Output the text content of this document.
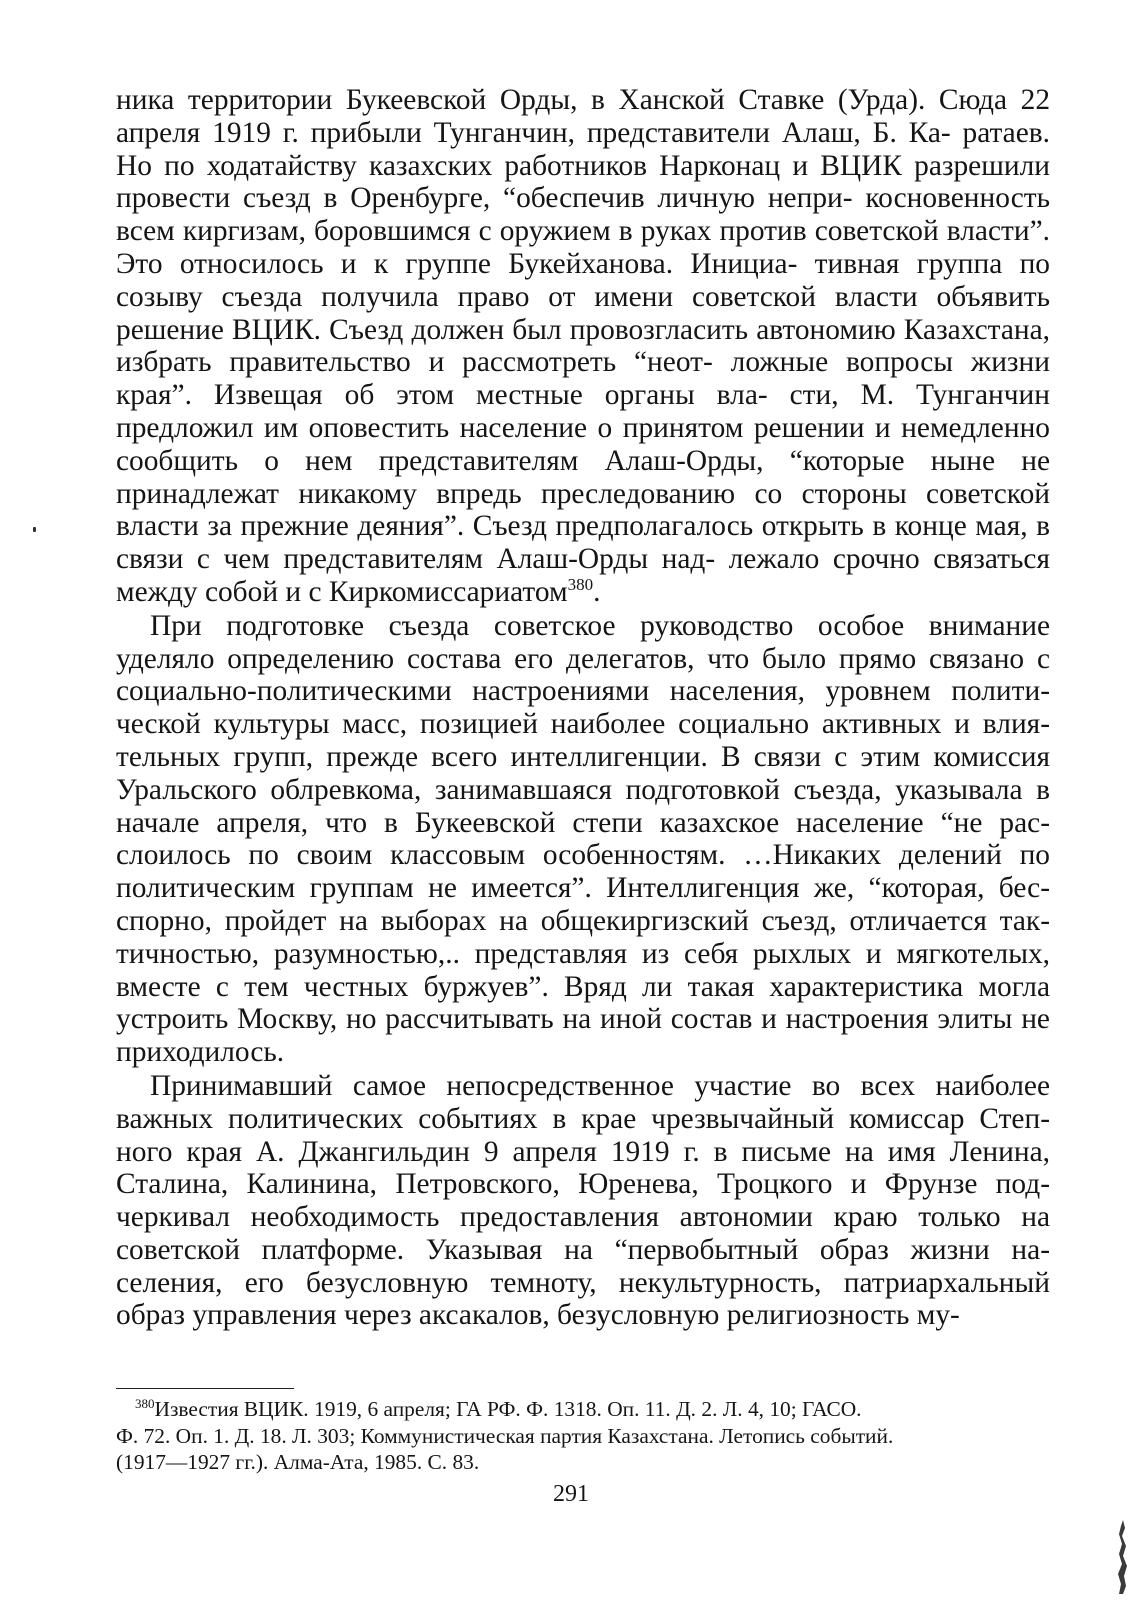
ника территории Букеевской Орды, в Ханской Ставке (Урда). Сюда 22 апреля 1919 г. прибыли Тунганчин, представители Алаш, Б. Ка- ратаев. Но по ходатайству казахских работников Нарконац и ВЦИК разрешили провести съезд в Оренбурге, “обеспечив личную непри- косновенность всем киргизам, боровшимся с оружием в руках против советской власти”. Это относилось и к группе Букейханова. Инициа- тивная группа по созыву съезда получила право от имени советской власти объявить решение ВЦИК. Съезд должен был провозгласить автономию Казахстана, избрать правительство и рассмотреть “неот- ложные вопросы жизни края”. Извещая об этом местные органы вла- сти, М. Тунганчин предложил им оповестить население о принятом решении и немедленно сообщить о нем представителям Алаш-Орды, “которые ныне не принадлежат никакому впредь преследованию со стороны советской власти за прежние деяния”. Съезд предполагалось открыть в конце мая, в связи с чем представителям Алаш-Орды над- лежало срочно связаться между собой и с Киркомиссариатом$^{380}$.

При подготовке съезда советское руководство особое внимание уделяло определению состава его делегатов, что было прямо связано с социально-политическими настроениями населения, уровнем полити- ческой культуры масс, позицией наиболее социально активных и влия- тельных групп, прежде всего интеллигенции. В связи с этим комиссия Уральского облревкома, занимавшаяся подготовкой съезда, указывала в начале апреля, что в Букеевской степи казахское население “не рас- слоилось по своим классовым особенностям. …Никаких делений по политическим группам не имеется”. Интеллигенция же, “которая, бес- спорно, пройдет на выборах на общекиргизский съезд, отличается так- тичностью, разумностью,.. представляя из себя рыхлых и мягкотелых, вместе с тем честных буржуев”. Вряд ли такая характеристика могла устроить Москву, но рассчитывать на иной состав и настроения элиты не приходилось.

Принимавший самое непосредственное участие во всех наиболее важных политических событиях в крае чрезвычайный комиссар Степ- ного края А. Джангильдин 9 апреля 1919 г. в письме на имя Ленина, Сталина, Калинина, Петровского, Юренева, Троцкого и Фрунзе под- черкивал необходимость предоставления автономии краю только на советской платформе. Указывая на “первобытный образ жизни на- селения, его безусловную темноту, некультурность, патриархальный образ управления через аксакалов, безусловную религиозность му-

$^{380}$Известия ВЦИК. 1919, 6 апреля; ГА РФ. Ф. 1318. Оп. 11. Д. 2. Л. 4, 10; ГАСО.
Ф. 72. Оп. 1. Д. 18. Л. 303; Коммунистическая партия Казахстана. Летопись событий.
(1917—1927 гг.). Алма-Ата, 1985. С. 83.
291
